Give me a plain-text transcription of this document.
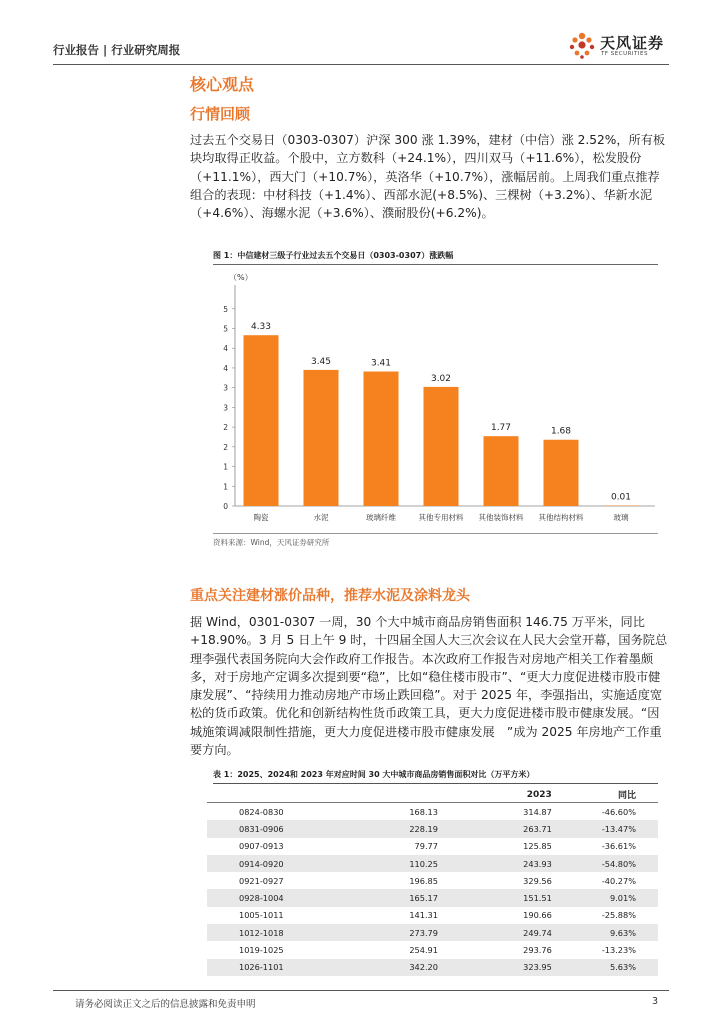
行业报告 | 行业研究周报	天风证券
TF SECURITIES
核心观点
行情回顾

过去五个交易日（0303-0307）沪深 300 涨 1.39%，建材（中信）涨 2.52%，所有板块均取得正收益。个股中，立方数科（+24.1%），四川双马（+11.6%），松发股份（+11.1%），西大门（+10.7%），英洛华（+10.7%），涨幅居前。上周我们重点推荐组合的表现：中材科技（+1.4%）、西部水泥(+8.5%)、三棵树（+3.2%）、华新水泥（+4.6%）、海螺水泥（+3.6%）、濮耐股份(+6.2%)。

图 1：中信建材三级子行业过去五个交易日（0303-0307）涨跌幅
（%）
0
1
1
2
2
3
3
4
4
5
5
4.33
陶瓷
3.45
水泥
3.41
玻璃纤维
3.02
其他专用材料
1.77
其他装饰材料
1.68
其他结构材料
0.01
玻璃
资料来源：Wind，天风证券研究所
重点关注建材涨价品种，推荐水泥及涂料龙头

据 Wind，0301-0307 一周，30 个大中城市商品房销售面积 146.75 万平米，同比+18.90%。3 月 5 日上午 9 时，十四届全国人大三次会议在人民大会堂开幕，国务院总理李强代表国务院向大会作政府工作报告。本次政府工作报告对房地产相关工作着墨颇多，对于房地产定调多次提到要“稳”，比如“稳住楼市股市”、“更大力度促进楼市股市健康发展”、“持续用力推动房地产市场止跌回稳”。对于 2025 年，李强指出，实施适度宽松的货币政策。优化和创新结构性货币政策工具，更大力度促进楼市股市健康发展。“因城施策调减限制性措施，更大力度促进楼市股市健康发展　”成为 2025 年房地产工作重要方向。

表 1：2025、2024和 2023 年对应时间 30 大中城市商品房销售面积对比（万平方米）
		2023	同比
0824-0830	168.13	314.87	-46.60%
0831-0906	228.19	263.71	-13.47%
0907-0913	79.77	125.85	-36.61%
0914-0920	110.25	243.93	-54.80%
0921-0927	196.85	329.56	-40.27%
0928-1004	165.17	151.51	9.01%
1005-1011	141.31	190.66	-25.88%
1012-1018	273.79	249.74	9.63%
1019-1025	254.91	293.76	-13.23%
1026-1101	342.20	323.95	5.63%
请务必阅读正文之后的信息披露和免责申明	3
